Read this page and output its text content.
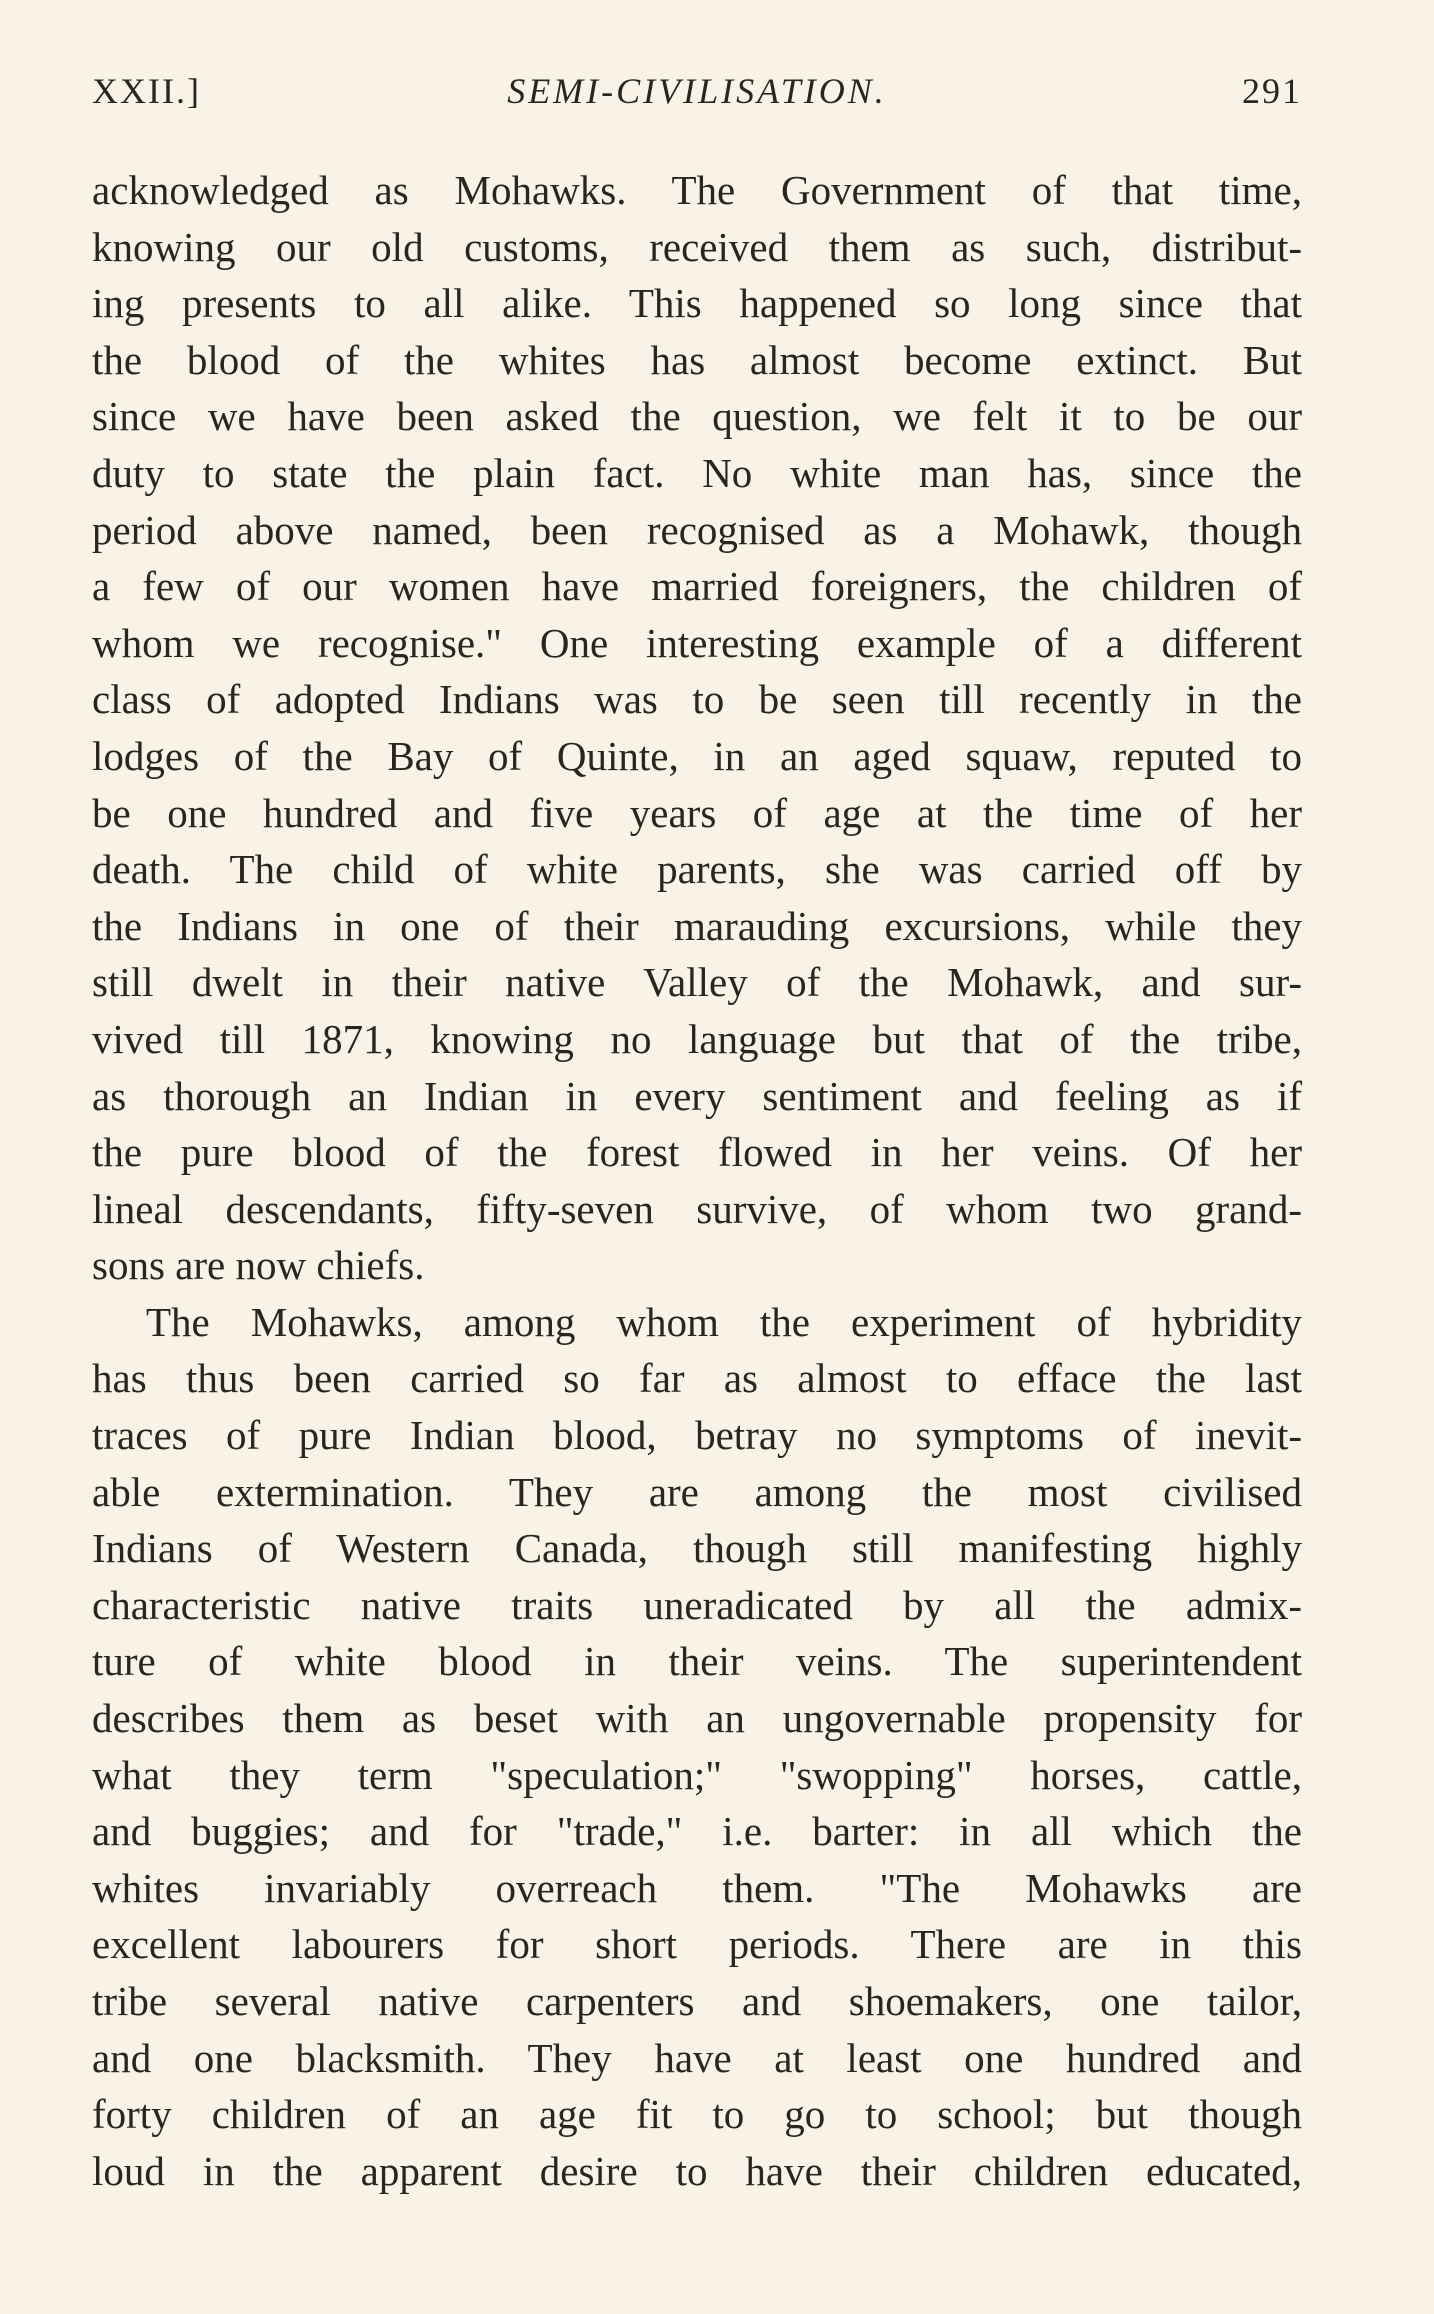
XXII.]	SEMI-CIVILISATION.	291
acknowledged as Mohawks. The Government of that time,
knowing our old customs, received them as such, distribut-
ing presents to all alike. This happened so long since that
the blood of the whites has almost become extinct. But
since we have been asked the question, we felt it to be our
duty to state the plain fact. No white man has, since the
period above named, been recognised as a Mohawk, though
a few of our women have married foreigners, the children of
whom we recognise." One interesting example of a different
class of adopted Indians was to be seen till recently in the
lodges of the Bay of Quinte, in an aged squaw, reputed to
be one hundred and five years of age at the time of her
death. The child of white parents, she was carried off by
the Indians in one of their marauding excursions, while they
still dwelt in their native Valley of the Mohawk, and sur-
vived till 1871, knowing no language but that of the tribe,
as thorough an Indian in every sentiment and feeling as if
the pure blood of the forest flowed in her veins. Of her
lineal descendants, fifty-seven survive, of whom two grand-
sons are now chiefs.
The Mohawks, among whom the experiment of hybridity
has thus been carried so far as almost to efface the last
traces of pure Indian blood, betray no symptoms of inevit-
able extermination. They are among the most civilised
Indians of Western Canada, though still manifesting highly
characteristic native traits uneradicated by all the admix-
ture of white blood in their veins. The superintendent
describes them as beset with an ungovernable propensity for
what they term "speculation;" "swopping" horses, cattle,
and buggies; and for "trade," i.e. barter: in all which the
whites invariably overreach them. "The Mohawks are
excellent labourers for short periods. There are in this
tribe several native carpenters and shoemakers, one tailor,
and one blacksmith. They have at least one hundred and
forty children of an age fit to go to school; but though
loud in the apparent desire to have their children educated,
